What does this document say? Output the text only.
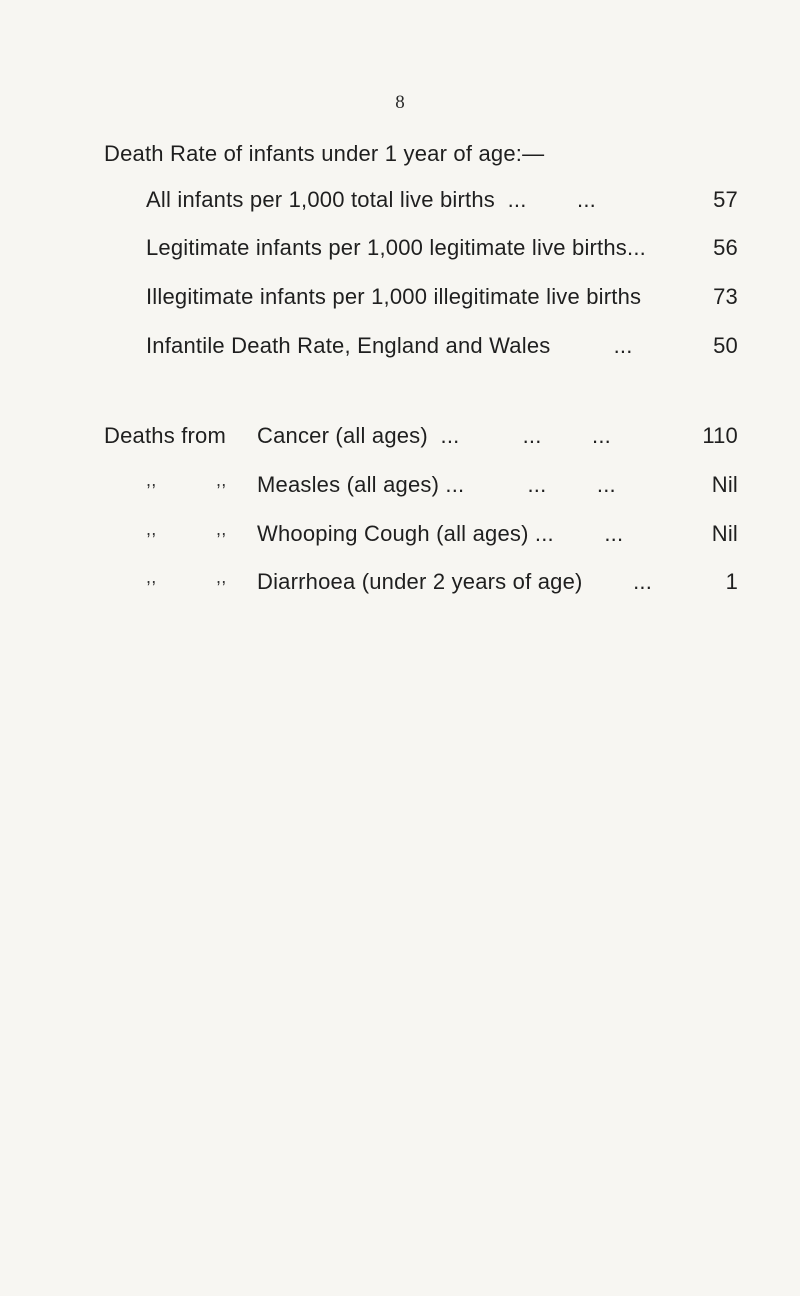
8
Death Rate of infants under 1 year of age:—
All infants per 1,000 total live births  ...        ...	57
Legitimate infants per 1,000 legitimate live births...	56
Illegitimate infants per 1,000 illegitimate live births	73
Infantile Death Rate, England and Wales          ...	50
Deaths from Cancer (all ages)  ...          ...        ...	110
,,	,, Measles (all ages) ...          ...        ...	Nil
,,	,, Whooping Cough (all ages) ...        ...	Nil
,,	,, Diarrhoea (under 2 years of age)        ...	1
